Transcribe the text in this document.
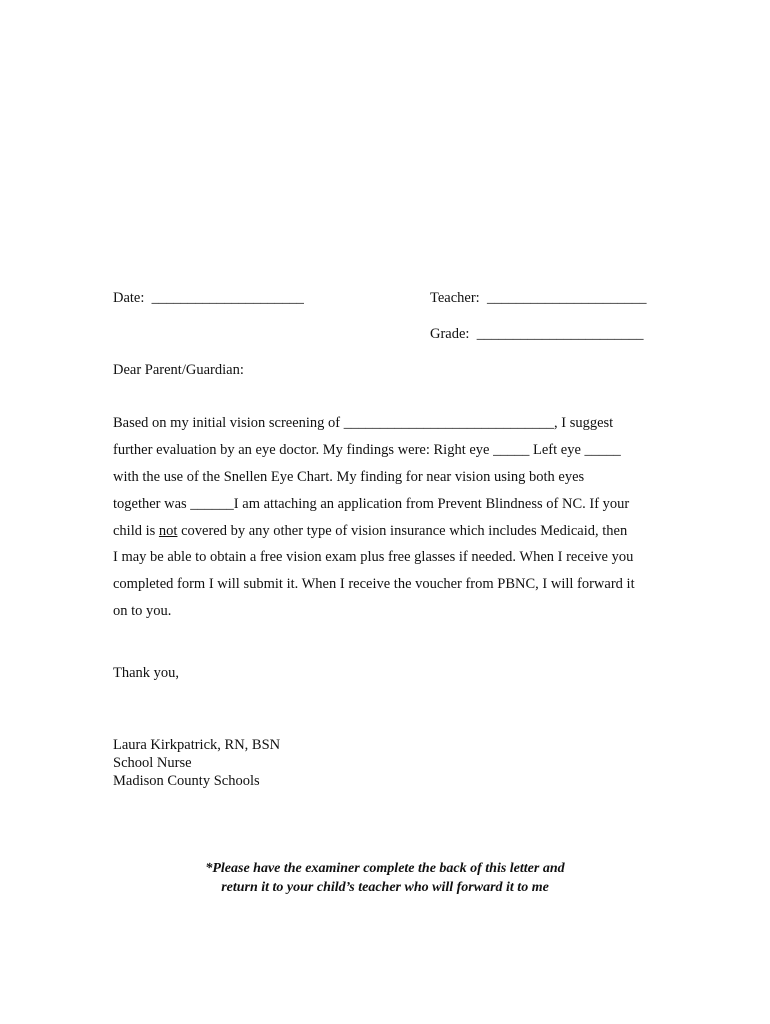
Date: _____________________	Teacher: ______________________
Grade: _______________________
Dear Parent/Guardian:
Based on my initial vision screening of _____________________________, I suggest
further evaluation by an eye doctor. My findings were: Right eye _____ Left eye _____
with the use of the Snellen Eye Chart. My finding for near vision using both eyes
together was ______I am attaching an application from Prevent Blindness of NC. If your
child is not covered by any other type of vision insurance which includes Medicaid, then
I may be able to obtain a free vision exam plus free glasses if needed. When I receive you
completed form I will submit it. When I receive the voucher from PBNC, I will forward it
on to you.
Thank you,
Laura Kirkpatrick, RN, BSN
School Nurse
Madison County Schools
*Please have the examiner complete the back of this letter and
return it to your child’s teacher who will forward it to me
